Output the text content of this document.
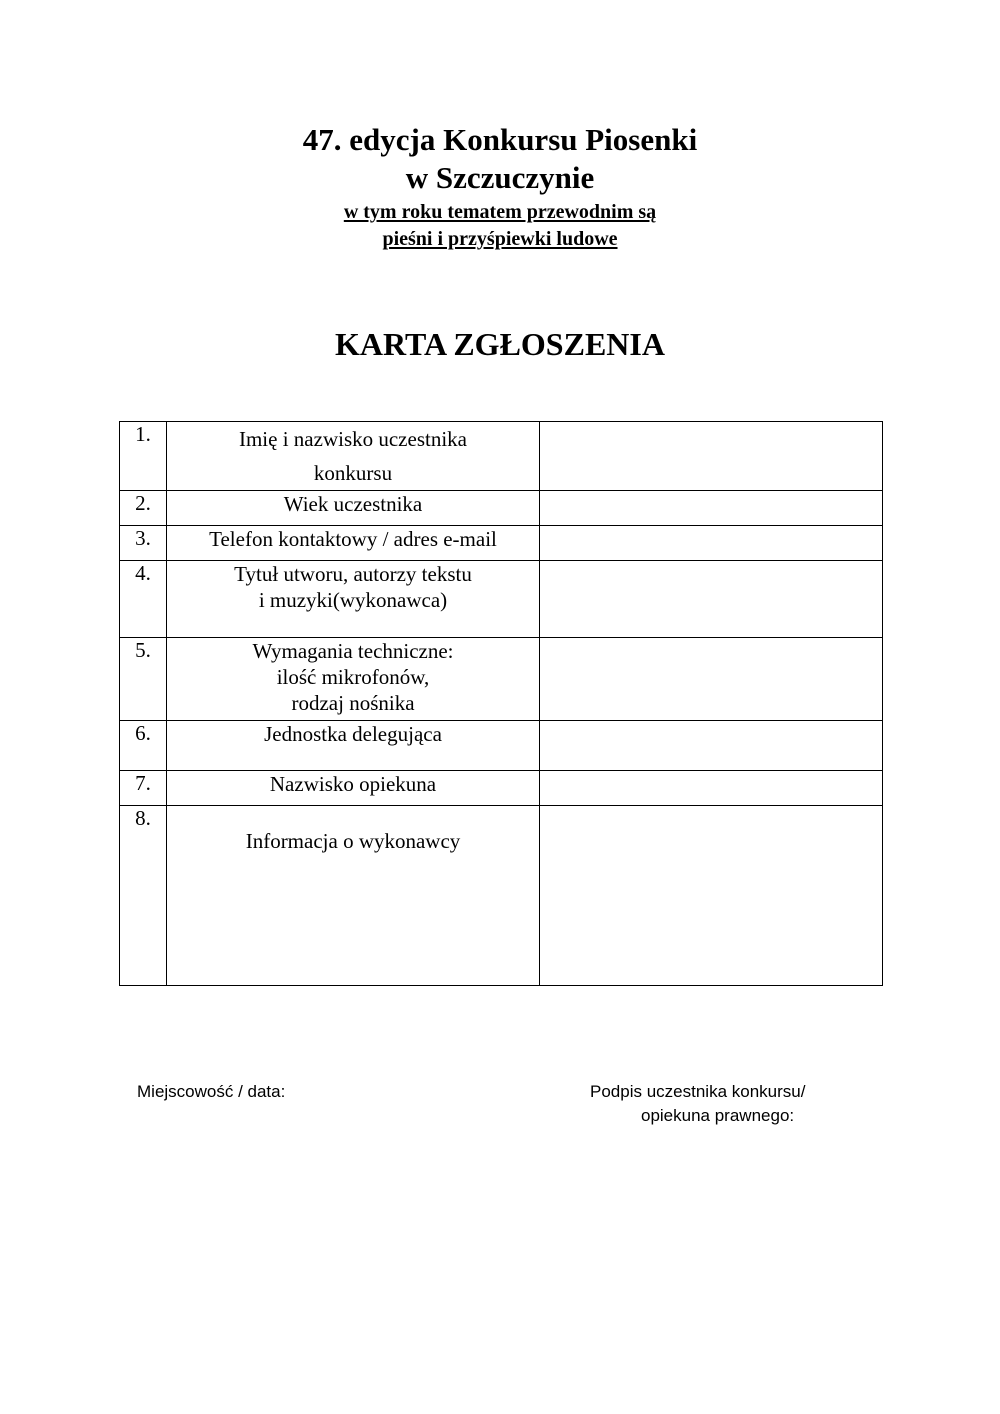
47. edycja Konkursu Piosenki
w Szczuczynie
w tym roku tematem przewodnim są
pieśni i przyśpiewki ludowe
KARTA ZGŁOSZENIA
1.	Imię i nazwisko uczestnika
konkursu	

2.	Wiek uczestnika	

3.	Telefon kontaktowy / adres e-mail	

4.	Tytuł utworu, autorzy tekstu
i muzyki(wykonawca)	

5.	Wymagania techniczne:
ilość mikrofonów,
rodzaj nośnika	

6.	Jednostka delegująca	

7.	Nazwisko opiekuna	

8.	Informacja o wykonawcy	

Miejscowość / data:	Podpis uczestnika konkursu/
opiekuna prawnego:
